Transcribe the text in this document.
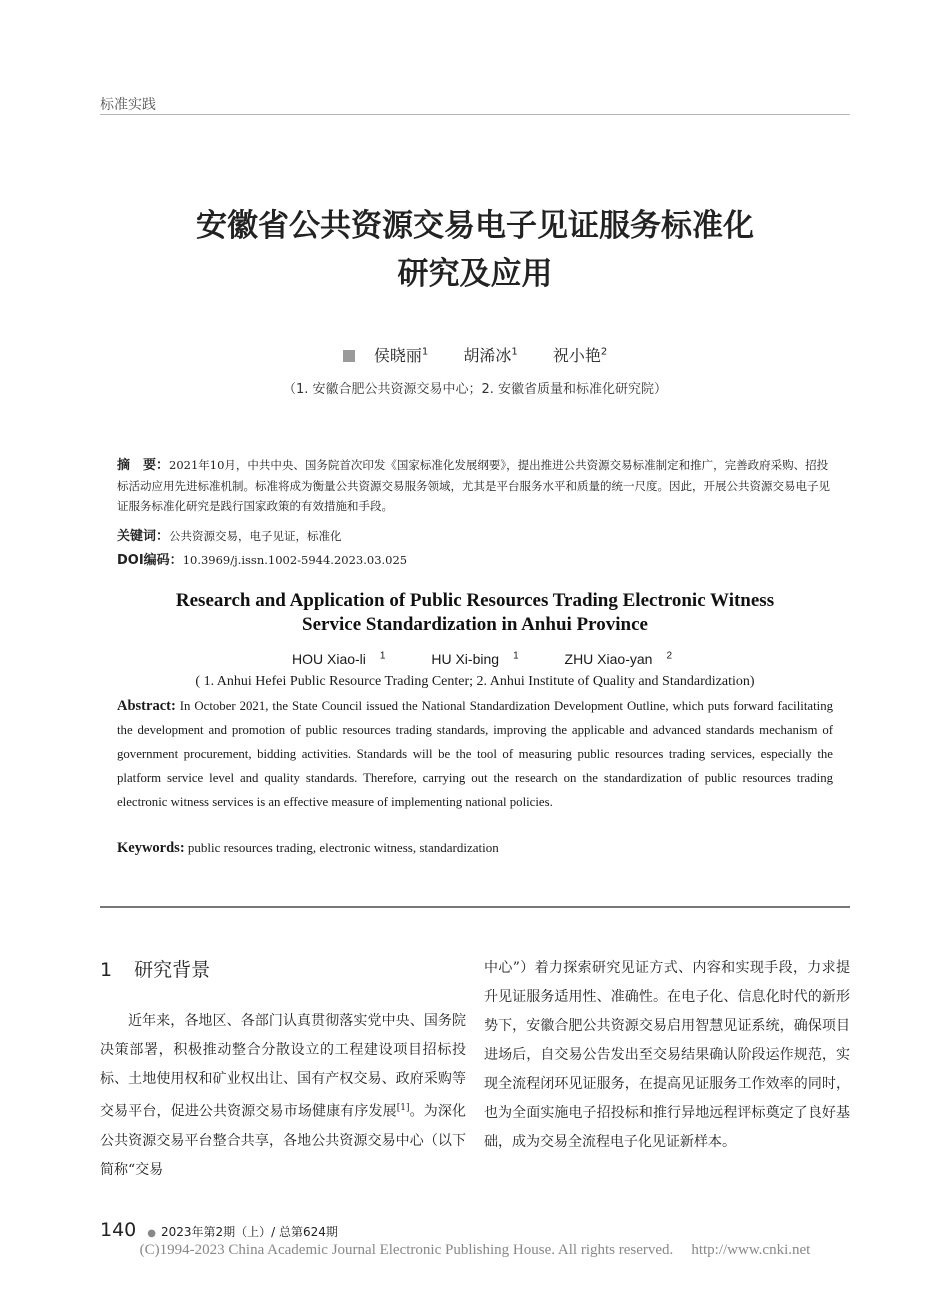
标准实践
安徽省公共资源交易电子见证服务标准化
研究及应用
侯晓丽$^1$ 胡浠冰$^1$ 祝小艳$^2$
（1. 安徽合肥公共资源交易中心；2. 安徽省质量和标准化研究院）
摘　要：2021年10月，中共中央、国务院首次印发《国家标准化发展纲要》，提出推进公共资源交易标准制定和推广，完善政府采购、招投标活动应用先进标准机制。标准将成为衡量公共资源交易服务领域，尤其是平台服务水平和质量的统一尺度。因此，开展公共资源交易电子见证服务标准化研究是践行国家政策的有效措施和手段。
关键词：公共资源交易，电子见证，标准化
DOI编码：10.3969/j.issn.1002-5944.2023.03.025
Research and Application of Public Resources Trading Electronic Witness
Service Standardization in Anhui Province
HOU Xiao-li $^1$	HU Xi-bing $^1$	ZHU Xiao-yan $^2$
( 1. Anhui Hefei Public Resource Trading Center; 2. Anhui Institute of Quality and Standardization)
Abstract: In October 2021, the State Council issued the National Standardization Development Outline, which puts forward facilitating the development and promotion of public resources trading standards, improving the applicable and advanced standards mechanism of government procurement, bidding activities. Standards will be the tool of measuring public resources trading services, especially the platform service level and quality standards. Therefore, carrying out the research on the standardization of public resources trading electronic witness services is an effective measure of implementing national policies.
Keywords: public resources trading, electronic witness, standardization
1 研究背景
近年来，各地区、各部门认真贯彻落实党中央、国务院决策部署，积极推动整合分散设立的工程建设项目招标投标、土地使用权和矿业权出让、国有产权交易、政府采购等交易平台，促进公共资源交易市场健康有序发展[1]。为深化公共资源交易平台整合共享，各地公共资源交易中心（以下简称“交易
中心”）着力探索研究见证方式、内容和实现手段，力求提升见证服务适用性、准确性。在电子化、信息化时代的新形势下，安徽合肥公共资源交易启用智慧见证系统，确保项目进场后，自交易公告发出至交易结果确认阶段运作规范，实现全流程闭环见证服务，在提高见证服务工作效率的同时，也为全面实施电子招投标和推行异地远程评标奠定了良好基础，成为交易全流程电子化见证新样本。
140 ● 2023年第2期（上）/ 总第624期
(C)1994-2023 China Academic Journal Electronic Publishing House. All rights reserved. http://www.cnki.net
